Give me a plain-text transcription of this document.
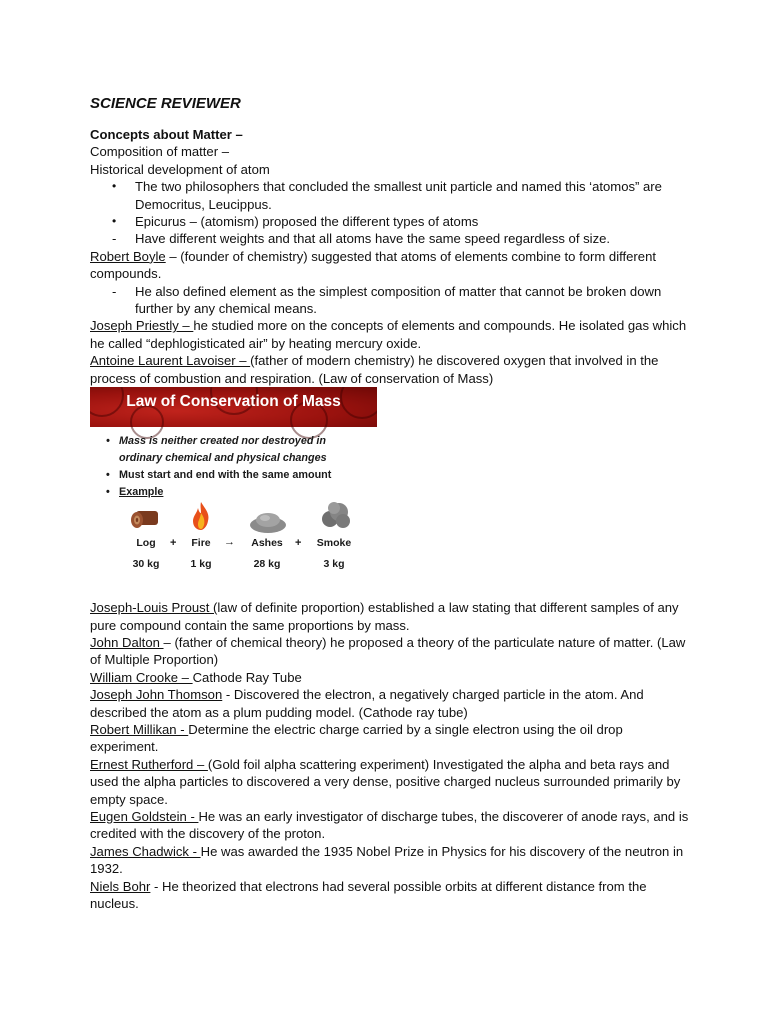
SCIENCE REVIEWER

Concepts about Matter –

Composition of matter –

Historical development of atom

• The two philosophers that concluded the smallest unit particle and named this ‘atomos” are Democritus, Leucippus.
• Epicurus – (atomism) proposed the different types of atoms
- Have different weights and that all atoms have the same speed regardless of size.

Robert Boyle – (founder of chemistry) suggested that atoms of elements combine to form different compounds.

- He also defined element as the simplest composition of matter that cannot be broken down further by any chemical means.

Joseph Priestly – he studied more on the concepts of elements and compounds. He isolated gas which he called “dephlogisticated air” by heating mercury oxide.

Antoine Laurent Lavoiser – (father of modern chemistry) he discovered oxygen that involved in the process of combustion and respiration. (Law of conservation of Mass)

Law of Conservation of Mass
• Mass is neither created nor destroyed in ordinary chemical and physical changes
• Must start and end with the same amount
• Example
Log
30 kg
+	Fire
1 kg
→	Ashes
28 kg
+	Smoke
3 kg

Joseph-Louis Proust (law of definite proportion) established a law stating that different samples of any pure compound contain the same proportions by mass.

John Dalton – (father of chemical theory) he proposed a theory of the particulate nature of matter. (Law of Multiple Proportion)

William Crooke – Cathode Ray Tube

Joseph John Thomson - Discovered the electron, a negatively charged particle in the atom. And described the atom as a plum pudding model. (Cathode ray tube)

Robert Millikan - Determine the electric charge carried by a single electron using the oil drop experiment.

Ernest Rutherford – (Gold foil alpha scattering experiment) Investigated the alpha and beta rays and used the alpha particles to discovered a very dense, positive charged nucleus surrounded primarily by empty space.

Eugen Goldstein - He was an early investigator of discharge tubes, the discoverer of anode rays, and is credited with the discovery of the proton.

James Chadwick - He was awarded the 1935 Nobel Prize in Physics for his discovery of the neutron in 1932.

Niels Bohr - He theorized that electrons had several possible orbits at different distance from the nucleus.
